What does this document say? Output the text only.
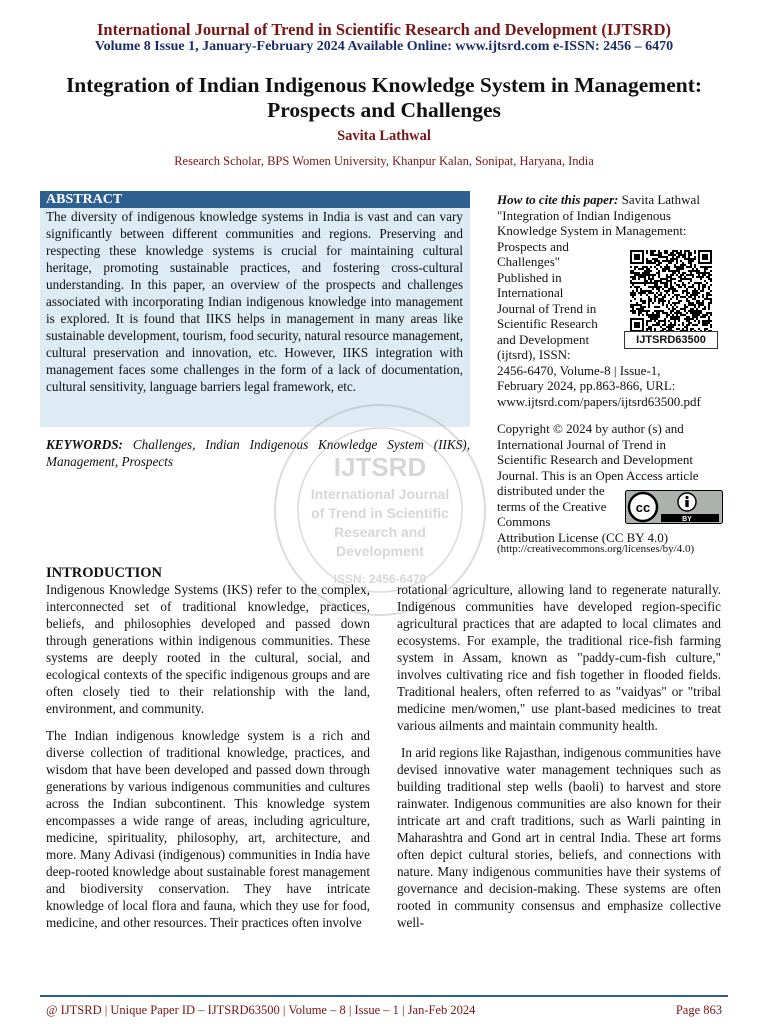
International Journal of Trend in Scientific Research and Development (IJTSRD)
Volume 8 Issue 1, January-February 2024 Available Online: www.ijtsrd.com e-ISSN: 2456 – 6470
Integration of Indian Indigenous Knowledge System in Management: Prospects and Challenges
Savita Lathwal
Research Scholar, BPS Women University, Khanpur Kalan, Sonipat, Haryana, India
ABSTRACT
The diversity of indigenous knowledge systems in India is vast and can vary significantly between different communities and regions. Preserving and respecting these knowledge systems is crucial for maintaining cultural heritage, promoting sustainable practices, and fostering cross-cultural understanding. In this paper, an overview of the prospects and challenges associated with incorporating Indian indigenous knowledge into management is explored. It is found that IIKS helps in management in many areas like sustainable development, tourism, food security, natural resource management, cultural preservation and innovation, etc. However, IIKS integration with management faces some challenges in the form of a lack of documentation, cultural sensitivity, language barriers legal framework, etc.
KEYWORDS: Challenges, Indian Indigenous Knowledge System (IIKS), Management, Prospects	IJTSRD
International Journal
of Trend in Scientific
Research and
Development
ISSN: 2456-6470
How to cite this paper: Savita Lathwal
"Integration of Indian Indigenous
Knowledge System in Management:
Prospects and
Challenges"
Published in
International
Journal of Trend in
Scientific Research
and Development
(ijtsrd), ISSN:
2456-6470, Volume-8 | Issue-1,
February 2024, pp.863-866, URL:
www.ijtsrd.com/papers/ijtsrd63500.pdf
IJTSRD63500
Copyright © 2024 by author (s) and
International Journal of Trend in
Scientific Research and Development
Journal. This is an Open Access article
distributed under the
terms of the Creative
Commons
Attribution License (CC BY 4.0)
BY
cc
(http://creativecommons.org/licenses/by/4.0)
INTRODUCTION

Indigenous Knowledge Systems (IKS) refer to the complex, interconnected set of traditional knowledge, practices, beliefs, and philosophies developed and passed down through generations within indigenous communities. These systems are deeply rooted in the cultural, social, and ecological contexts of the specific indigenous groups and are often closely tied to their relationship with the land, environment, and community.

The Indian indigenous knowledge system is a rich and diverse collection of traditional knowledge, practices, and wisdom that have been developed and passed down through generations by various indigenous communities and cultures across the Indian subcontinent. This knowledge system encompasses a wide range of areas, including agriculture, medicine, spirituality, philosophy, art, architecture, and more. Many Adivasi (indigenous) communities in India have deep-rooted knowledge about sustainable forest management and biodiversity conservation. They have intricate knowledge of local flora and fauna, which they use for food, medicine, and other resources. Their practices often involve

rotational agriculture, allowing land to regenerate naturally. Indigenous communities have developed region-specific agricultural practices that are adapted to local climates and ecosystems. For example, the traditional rice-fish farming system in Assam, known as "paddy-cum-fish culture," involves cultivating rice and fish together in flooded fields. Traditional healers, often referred to as "vaidyas" or "tribal medicine men/women," use plant-based medicines to treat various ailments and maintain community health.

In arid regions like Rajasthan, indigenous communities have devised innovative water management techniques such as building traditional step wells (baoli) to harvest and store rainwater. Indigenous communities are also known for their intricate art and craft traditions, such as Warli painting in Maharashtra and Gond art in central India. These art forms often depict cultural stories, beliefs, and connections with nature. Many indigenous communities have their systems of governance and decision-making. These systems are often rooted in community consensus and emphasize collective well-

@ IJTSRD | Unique Paper ID – IJTSRD63500 | Volume – 8 | Issue – 1 | Jan-Feb 2024	Page 863
